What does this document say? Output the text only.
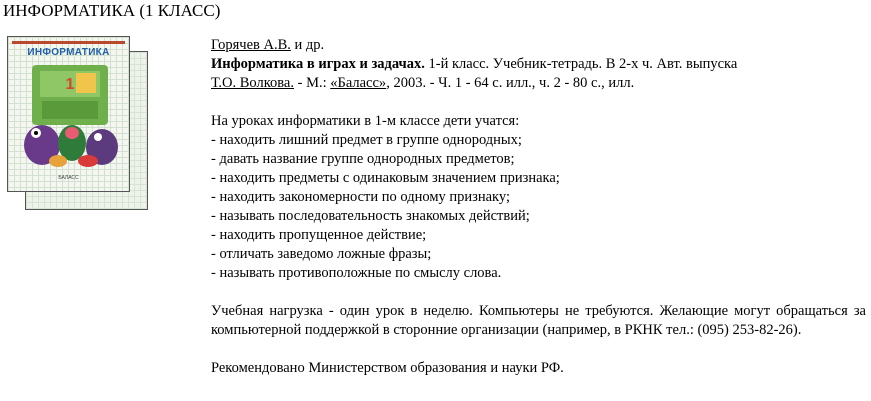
ИНФОРМАТИКА (1 КЛАСС)
ИНФОРМАТИКА
1
БАЛАСС

Горячев А.В. и др.
Информатика в играх и задачах. 1-й класс. Учебник-тетрадь. В 2-х ч. Авт. выпуска
Т.О. Волкова. - М.: «Баласс», 2003. - Ч. 1 - 64 с. илл., ч. 2 - 80 с., илл.

На уроках информатики в 1-м классе дети учатся:

- находить лишний предмет в группе однородных;
- давать название группе однородных предметов;
- находить предметы с одинаковым значением признака;
- находить закономерности по одному признаку;
- называть последовательность знакомых действий;
- находить пропущенное действие;
- отличать заведомо ложные фразы;
- называть противоположные по смыслу слова.

Учебная нагрузка - один урок в неделю. Компьютеры не требуются. Желающие могут обращаться за компьютерной поддержкой в сторонние организации (например, в РКНК тел.: (095) 253-82-26).

Рекомендовано Министерством образования и науки РФ.
